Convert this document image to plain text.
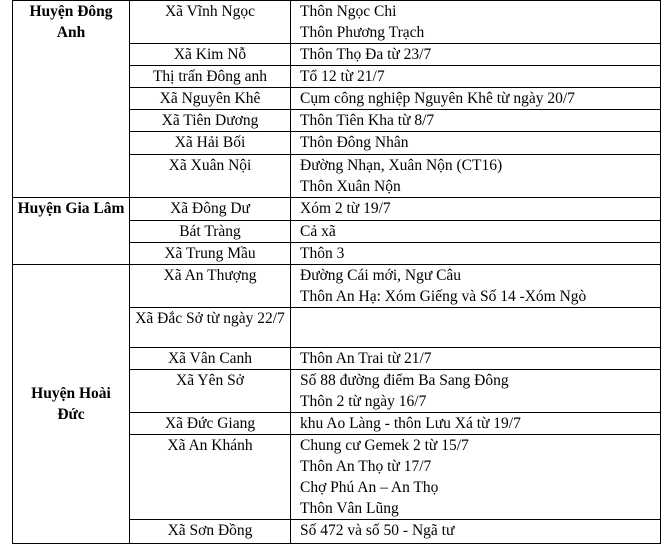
Huyện Đông Anh	Xã Vĩnh Ngọc	Thôn Ngọc Chi
Thôn Phương Trạch

	Xã Kim Nỗ	Thôn Thọ Đa từ 23/7

	Thị trấn Đông anh	Tổ 12 từ 21/7

	Xã Nguyên Khê	Cụm công nghiệp Nguyên Khê từ ngày 20/7

	Xã Tiên Dương	Thôn Tiên Kha từ 8/7

	Xã Hải Bối	Thôn Đông Nhân

	Xã Xuân Nội	Đường Nhạn, Xuân Nộn (CT16)
Thôn Xuân Nộn

Huyện Gia Lâm	Xã Đông Dư	Xóm 2 từ 19/7

	Bát Tràng	Cả xã

	Xã Trung Mầu	Thôn 3

Huyện Hoài Đức	Xã An Thượng	Đường Cái mới, Ngư Câu
Thôn An Hạ: Xóm Giếng và Số 14 -Xóm Ngò

	Xã Đắc Sở từ ngày 22/7	

	Xã Vân Canh	Thôn An Trai từ 21/7

	Xã Yên Sở	Số 88 đường điểm Ba Sang Đông
Thôn 2 từ ngày 16/7

	Xã Đức Giang	khu Ao Làng - thôn Lưu Xá từ 19/7

	Xã An Khánh	Chung cư Gemek 2 từ 15/7
Thôn An Thọ từ 17/7
Chợ Phú An – An Thọ
Thôn Vân Lũng

	Xã Sơn Đồng	Số 472 và số 50 - Ngã tư
